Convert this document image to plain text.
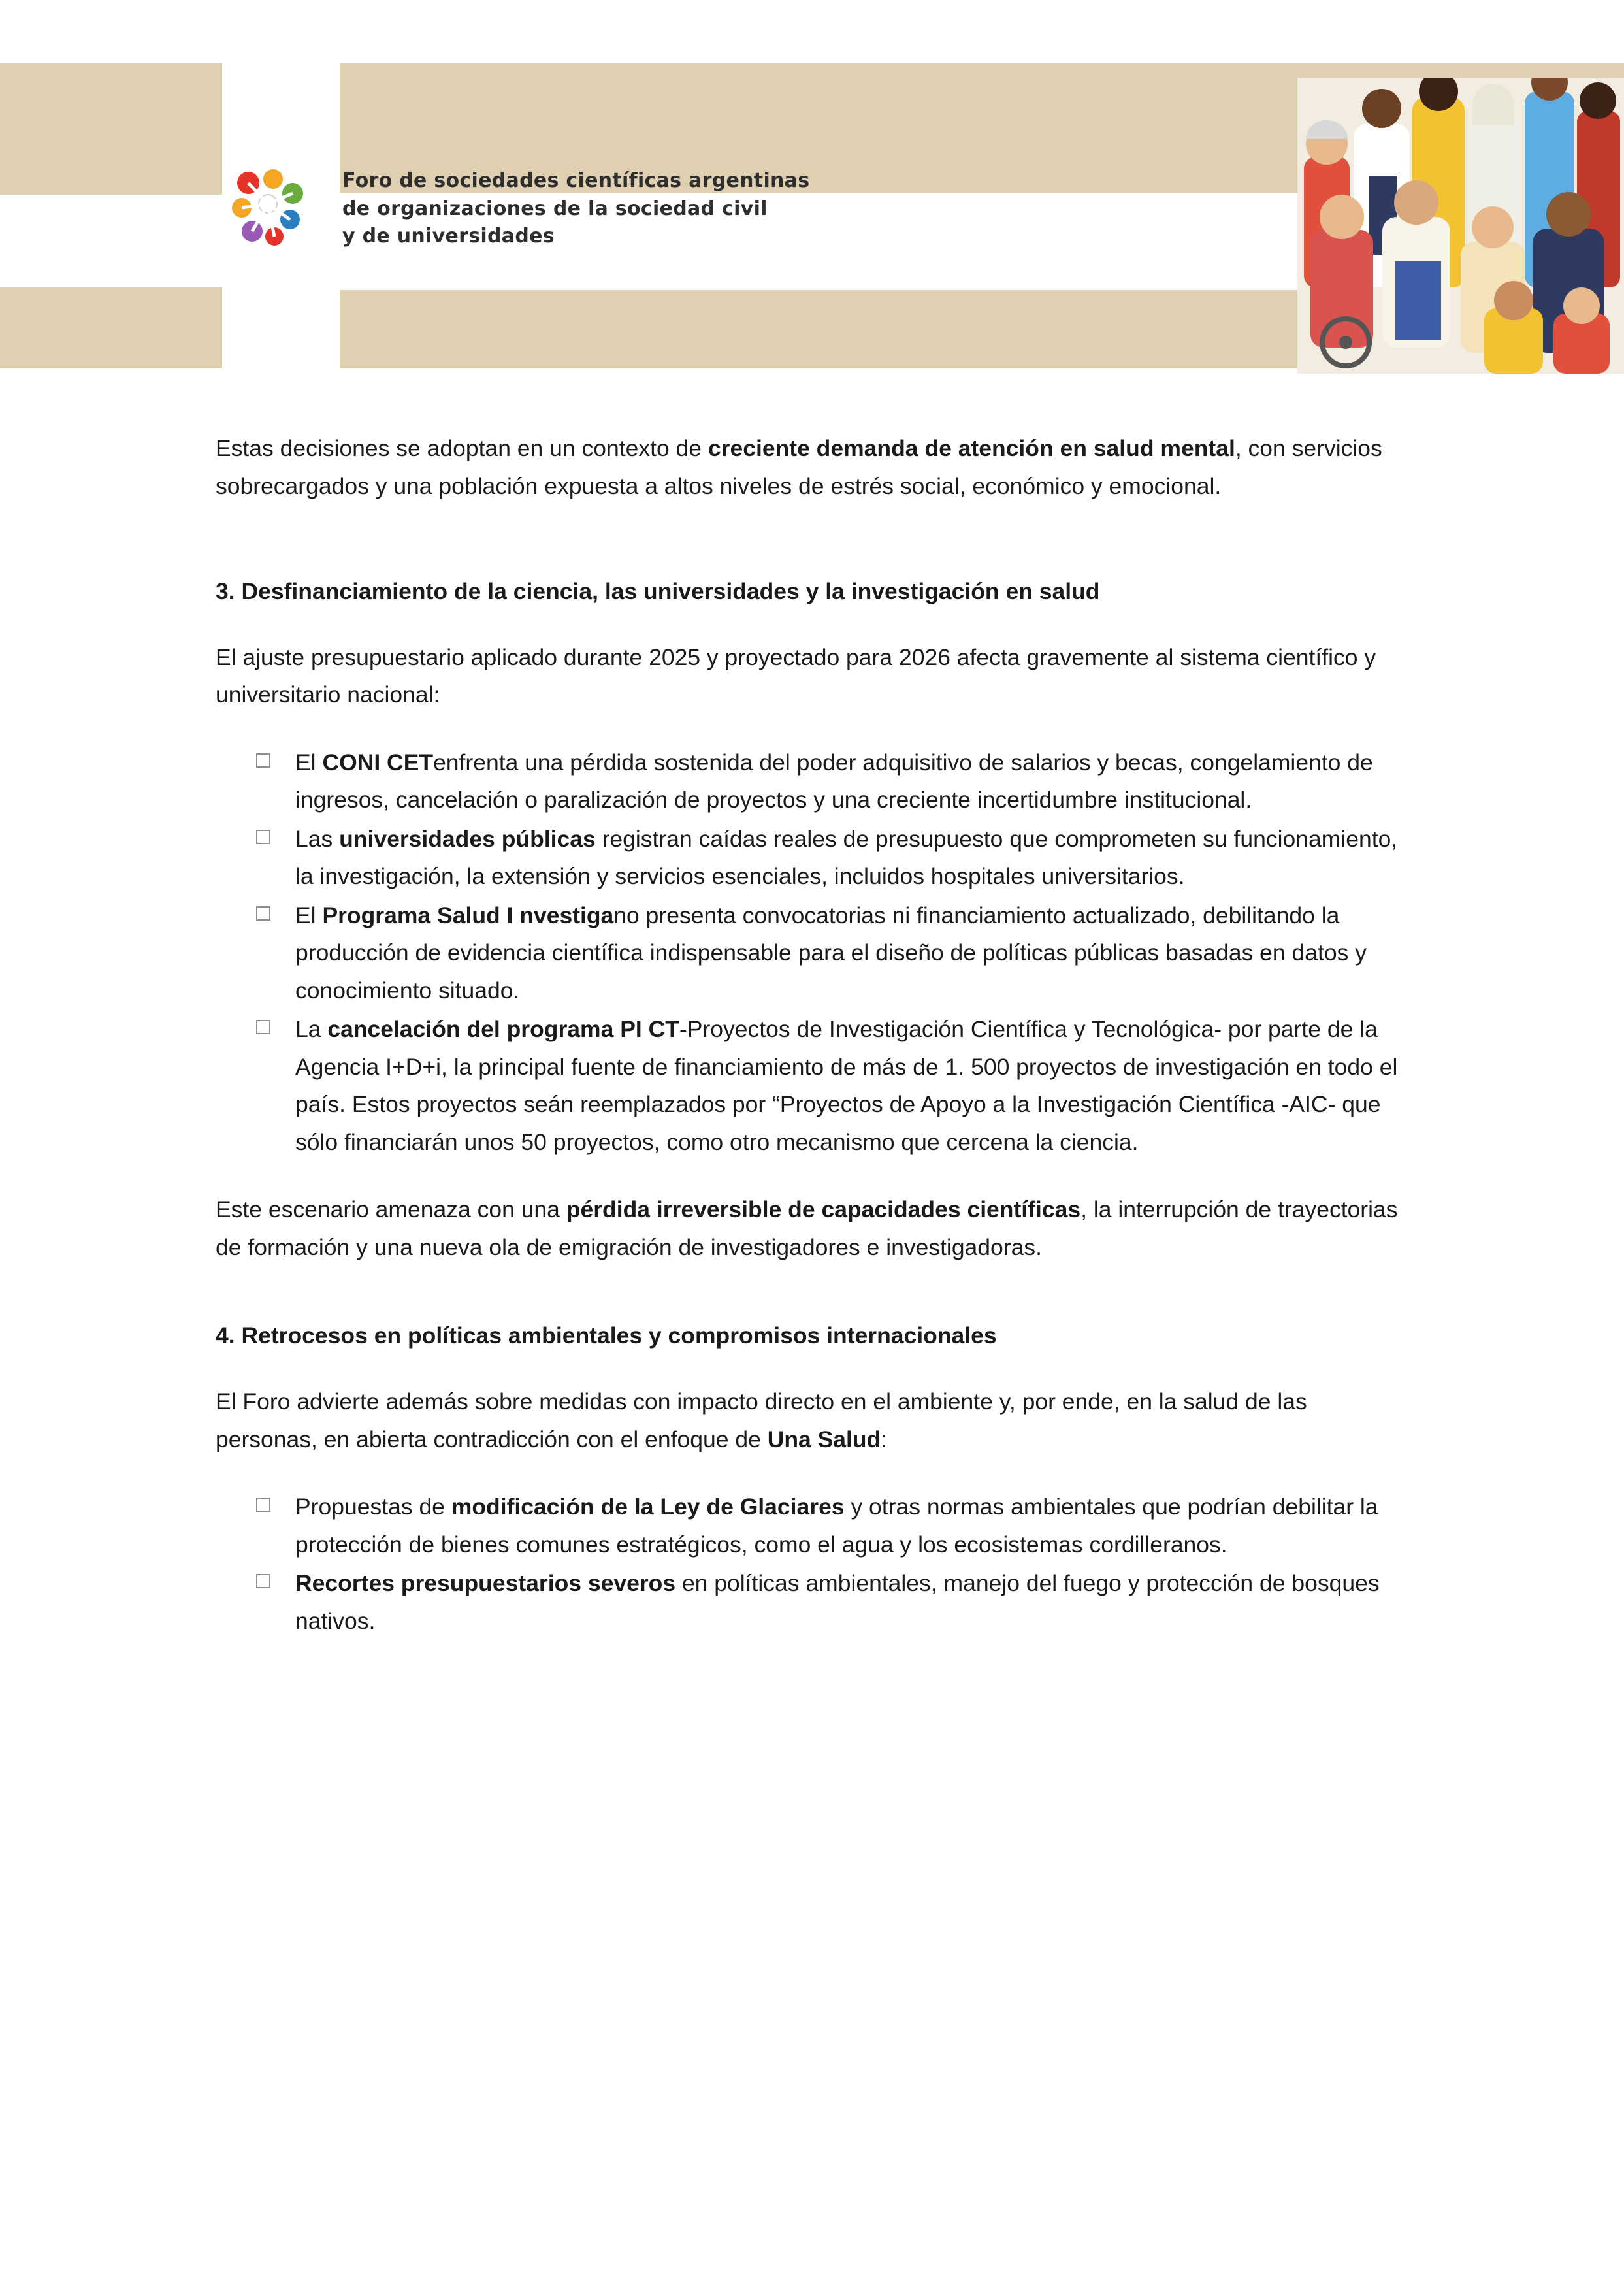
Foro de sociedades científicas argentinas
de organizaciones de la sociedad civil
y de universidades

Estas decisiones se adoptan en un contexto de creciente demanda de atención en salud mental, con servicios sobrecargados y una población expuesta a altos niveles de estrés social, económico y emocional.

3. Desfinanciamiento de la ciencia, las universidades y la investigación en salud

El ajuste presupuestario aplicado durante 2025 y proyectado para 2026 afecta gravemente al sistema científico y universitario nacional:

El CONI CETenfrenta una pérdida sostenida del poder adquisitivo de salarios y becas, congelamiento de ingresos, cancelación o paralización de proyectos y una creciente incertidumbre institucional.
Las universidades públicas registran caídas reales de presupuesto que comprometen su funcionamiento, la investigación, la extensión y servicios esenciales, incluidos hospitales universitarios.
El Programa Salud I nvestigano presenta convocatorias ni financiamiento actualizado, debilitando la producción de evidencia científica indispensable para el diseño de políticas públicas basadas en datos y conocimiento situado.
La cancelación del programa PI CT-Proyectos de Investigación Científica y Tecnológica- por parte de la Agencia I+D+i, la principal fuente de financiamiento de más de 1. 500 proyectos de investigación en todo el país. Estos proyectos seán reemplazados por “Proyectos de Apoyo a la Investigación Científica -AIC- que sólo financiarán unos 50 proyectos, como otro mecanismo que cercena la ciencia.

Este escenario amenaza con una pérdida irreversible de capacidades científicas, la interrupción de trayectorias de formación y una nueva ola de emigración de investigadores e investigadoras.

4. Retrocesos en políticas ambientales y compromisos internacionales

El Foro advierte además sobre medidas con impacto directo en el ambiente y, por ende, en la salud de las personas, en abierta contradicción con el enfoque de Una Salud:

Propuestas de modificación de la Ley de Glaciares y otras normas ambientales que podrían debilitar la protección de bienes comunes estratégicos, como el agua y los ecosistemas cordilleranos.
Recortes presupuestarios severos en políticas ambientales, manejo del fuego y protección de bosques nativos.
